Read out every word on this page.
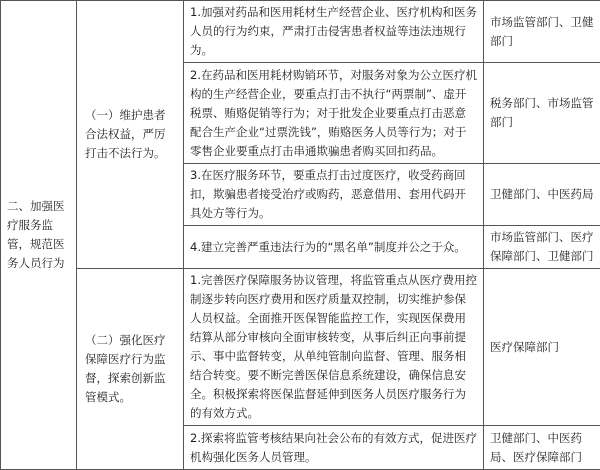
二、加强医疗服务监管，规范医务人员行为	（一）维护患者合法权益，严厉打击不法行为。	1.加强对药品和医用耗材生产经营企业、医疗机构和医务人员的行为约束，严肃打击侵害患者权益等违法违规行为。	市场监管部门、卫健部门
		2.在药品和医用耗材购销环节，对服务对象为公立医疗机构的生产经营企业，要重点打击不执行“两票制”、虚开税票、贿赂促销等行为；对于批发企业要重点打击恶意配合生产企业“过票洗钱”，贿赂医务人员等行为；对于零售企业要重点打击串通欺骗患者购买回扣药品。	税务部门、市场监管部门
		3.在医疗服务环节，要重点打击过度医疗，收受药商回扣，欺骗患者接受治疗或购药，恶意借用、套用代码开具处方等行为。	卫健部门、中医药局
		4.建立完善严重违法行为的“黑名单”制度并公之于众。	市场监管部门、医疗保障部门、卫健部门
	（二）强化医疗保障医疗行为监督，探索创新监管模式。	1.完善医疗保障服务协议管理，将监管重点从医疗费用控制逐步转向医疗费用和医疗质量双控制，切实维护参保人员权益。全面推开医保智能监控工作，实现医保费用结算从部分审核向全面审核转变，从事后纠正向事前提示、事中监督转变，从单纯管制向监督、管理、服务相结合转变。要不断完善医保信息系统建设，确保信息安全。积极探索将医保监督延伸到医务人员医疗服务行为的有效方式。	医疗保障部门
		2.探索将监管考核结果向社会公布的有效方式，促进医疗机构强化医务人员管理。	卫健部门、中医药局、医疗保障部门
